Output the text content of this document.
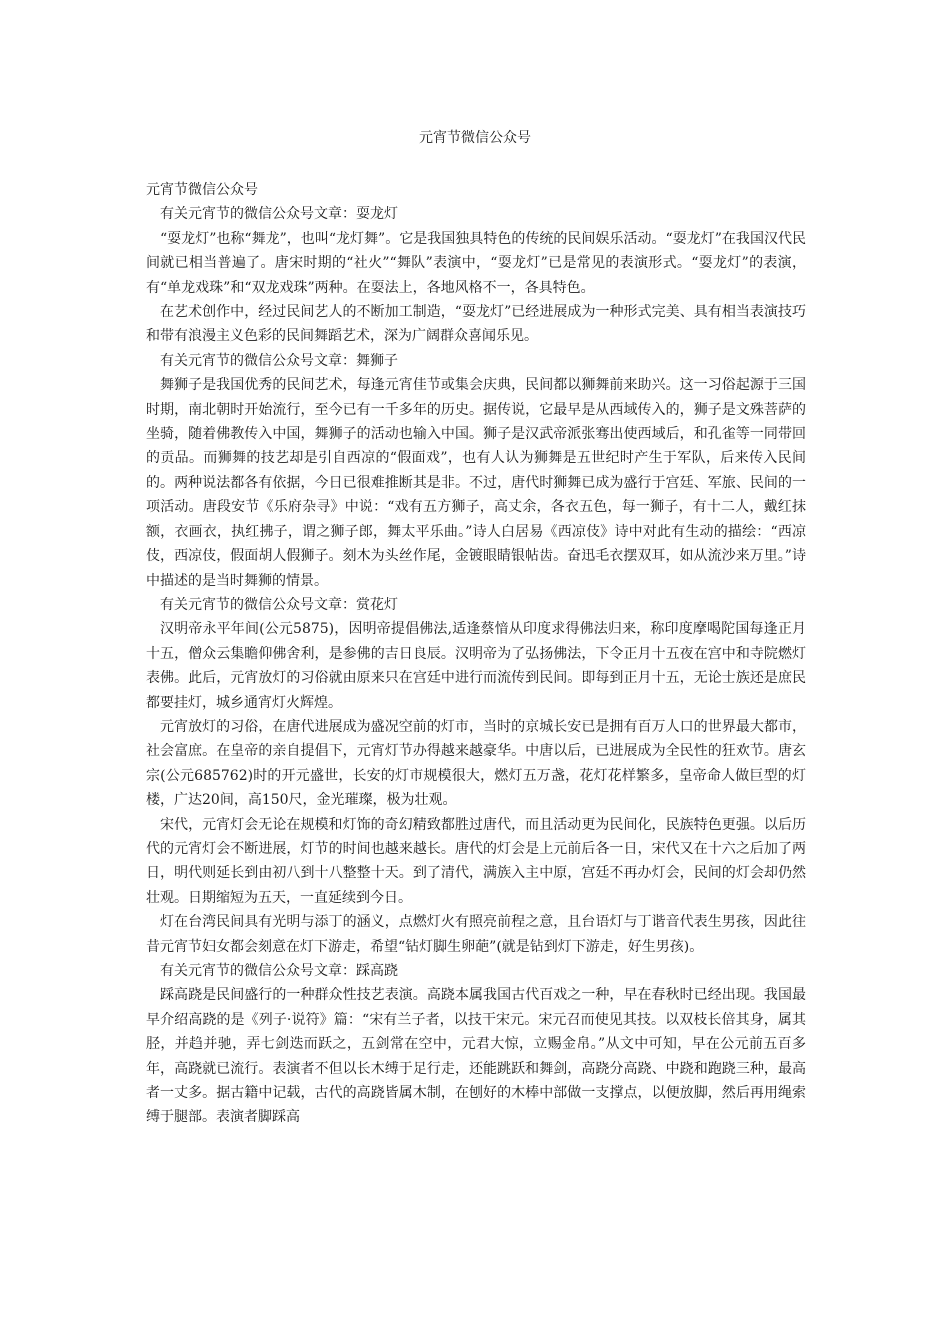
元宵节微信公众号

元宵节微信公众号

有关元宵节的微信公众号文章：耍龙灯

“耍龙灯”也称“舞龙”，也叫“龙灯舞”。它是我国独具特色的传统的民间娱乐活动。“耍龙灯”在我国汉代民间就已相当普遍了。唐宋时期的“社火”“舞队”表演中，“耍龙灯”已是常见的表演形式。“耍龙灯”的表演，有“单龙戏珠”和“双龙戏珠”两种。在耍法上，各地风格不一，各具特色。

在艺术创作中，经过民间艺人的不断加工制造，“耍龙灯”已经进展成为一种形式完美、具有相当表演技巧和带有浪漫主义色彩的民间舞蹈艺术，深为广阔群众喜闻乐见。

有关元宵节的微信公众号文章：舞狮子

舞狮子是我国优秀的民间艺术，每逢元宵佳节或集会庆典，民间都以狮舞前来助兴。这一习俗起源于三国时期，南北朝时开始流行，至今已有一千多年的历史。据传说，它最早是从西域传入的，狮子是文殊菩萨的坐骑，随着佛教传入中国，舞狮子的活动也输入中国。狮子是汉武帝派张骞出使西域后，和孔雀等一同带回的贡品。而狮舞的技艺却是引自西凉的“假面戏”，也有人认为狮舞是五世纪时产生于军队，后来传入民间的。两种说法都各有依据，今日已很难推断其是非。不过，唐代时狮舞已成为盛行于宫廷、军旅、民间的一项活动。唐段安节《乐府杂寻》中说：“戏有五方狮子，高丈余，各衣五色，每一狮子，有十二人，戴红抹额，衣画衣，执红拂子，谓之狮子郎，舞太平乐曲。”诗人白居易《西凉伎》诗中对此有生动的描绘：“西凉伎，西凉伎，假面胡人假狮子。刻木为头丝作尾，金镀眼睛银帖齿。奋迅毛衣摆双耳，如从流沙来万里。”诗中描述的是当时舞狮的情景。

有关元宵节的微信公众号文章：赏花灯

汉明帝永平年间(公元5875)，因明帝提倡佛法,适逢蔡愔从印度求得佛法归来，称印度摩喝陀国每逢正月十五，僧众云集瞻仰佛舍利，是参佛的吉日良辰。汉明帝为了弘扬佛法，下令正月十五夜在宫中和寺院燃灯表佛。此后，元宵放灯的习俗就由原来只在宫廷中进行而流传到民间。即每到正月十五，无论士族还是庶民都要挂灯，城乡通宵灯火辉煌。

元宵放灯的习俗，在唐代进展成为盛况空前的灯市，当时的京城长安已是拥有百万人口的世界最大都市，社会富庶。在皇帝的亲自提倡下，元宵灯节办得越来越豪华。中唐以后，已进展成为全民性的狂欢节。唐玄宗(公元685762)时的开元盛世，长安的灯市规模很大，燃灯五万盏，花灯花样繁多，皇帝命人做巨型的灯楼，广达20间，高150尺，金光璀璨，极为壮观。

宋代，元宵灯会无论在规模和灯饰的奇幻精致都胜过唐代，而且活动更为民间化，民族特色更强。以后历代的元宵灯会不断进展，灯节的时间也越来越长。唐代的灯会是上元前后各一日，宋代又在十六之后加了两日，明代则延长到由初八到十八整整十天。到了清代，满族入主中原，宫廷不再办灯会，民间的灯会却仍然壮观。日期缩短为五天，一直延续到今日。

灯在台湾民间具有光明与添丁的涵义，点燃灯火有照亮前程之意，且台语灯与丁谐音代表生男孩，因此往昔元宵节妇女都会刻意在灯下游走，希望“钻灯脚生卵葩”(就是钻到灯下游走，好生男孩)。

有关元宵节的微信公众号文章：踩高跷

踩高跷是民间盛行的一种群众性技艺表演。高跷本属我国古代百戏之一种，早在春秋时已经出现。我国最早介绍高跷的是《列子·说符》篇：“宋有兰子者，以技干宋元。宋元召而使见其技。以双枝长倍其身，属其胫，并趋并驰，弄七剑迭而跃之，五剑常在空中，元君大惊，立赐金帛。”从文中可知，早在公元前五百多年，高跷就已流行。表演者不但以长木缚于足行走，还能跳跃和舞剑，高跷分高跷、中跷和跑跷三种，最高者一丈多。据古籍中记载，古代的高跷皆属木制，在刨好的木棒中部做一支撑点，以便放脚，然后再用绳索缚于腿部。表演者脚踩高
